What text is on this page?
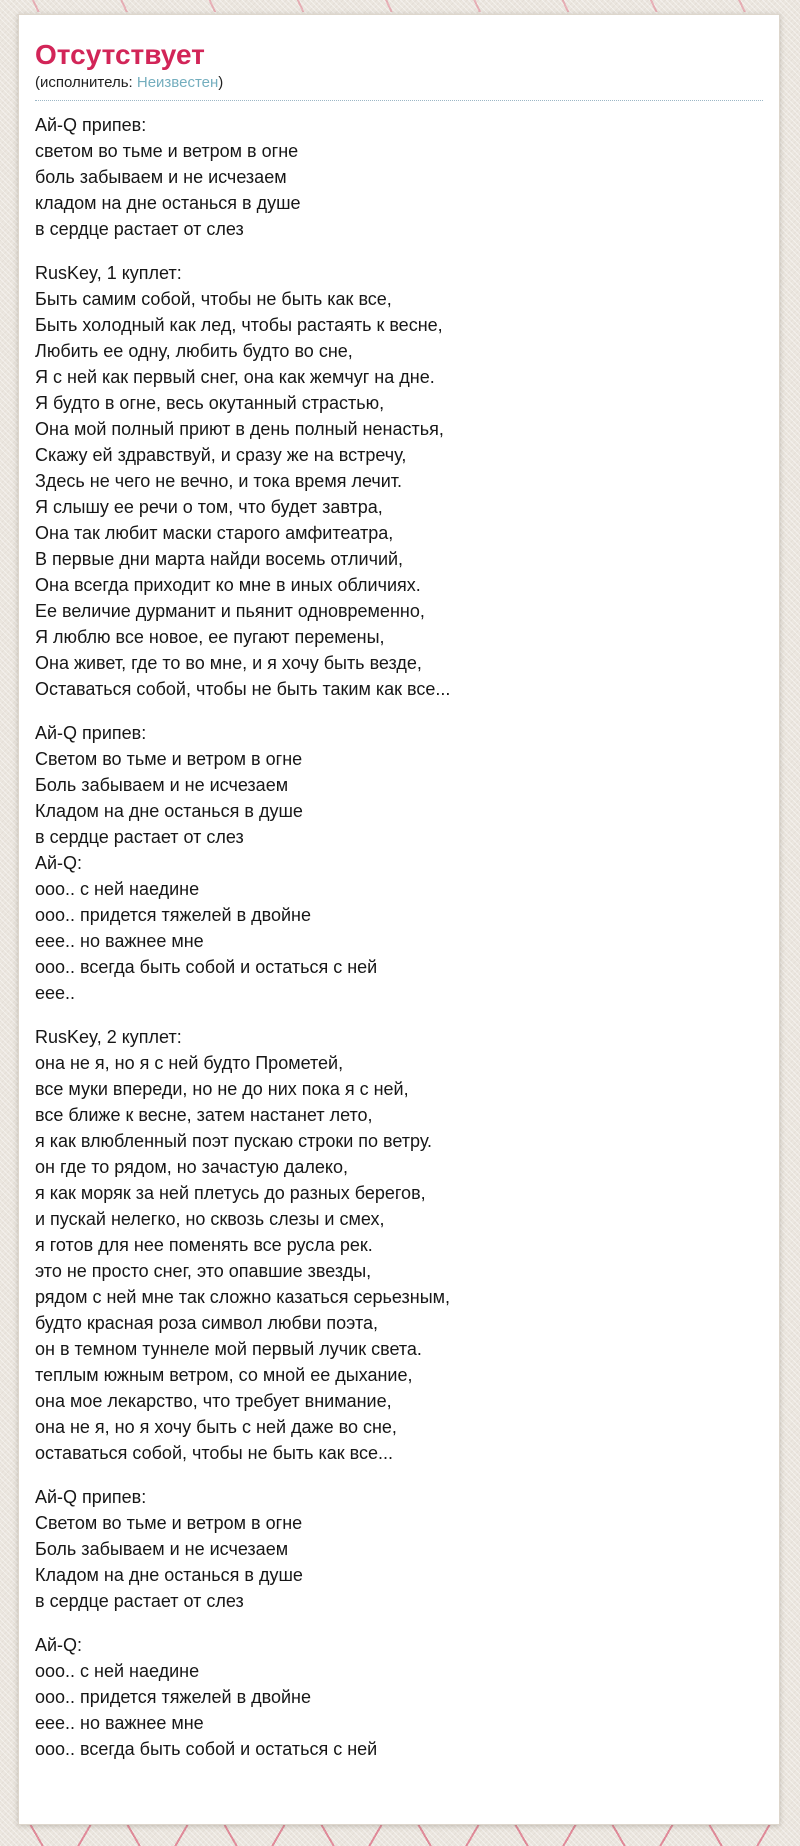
Отсутствует
(исполнитель: Неизвестен)

Ай-Q припев:
светом во тьме и ветром в огне
боль забываем и не исчезаем
кладом на дне останься в душе
в сердце растает от слез

RusKey, 1 куплет:
Быть самим собой, чтобы не быть как все,
Быть холодный как лед, чтобы растаять к весне,
Любить ее одну, любить будто во сне,
Я с ней как первый снег, она как жемчуг на дне.
Я будто в огне, весь окутанный страстью,
Она мой полный приют в день полный ненастья,
Скажу ей здравствуй, и сразу же на встречу,
Здесь не чего не вечно, и тока время лечит.
Я слышу ее речи о том, что будет завтра,
Она так любит маски старого амфитеатра,
В первые дни марта найди восемь отличий,
Она всегда приходит ко мне в иных обличиях.
Ее величие дурманит и пьянит одновременно,
Я люблю все новое, ее пугают перемены,
Она живет, где то во мне, и я хочу быть везде,
Оставаться собой, чтобы не быть таким как все...

Ай-Q припев:
Светом во тьме и ветром в огне
Боль забываем и не исчезаем
Кладом на дне останься в душе
в сердце растает от слез
Ай-Q:
ооо.. с ней наедине
ооо.. придется тяжелей в двойне
еее.. но важнее мне
ооо.. всегда быть собой и остаться с ней
еее..

RusKey, 2 куплет:
она не я, но я с ней будто Прометей,
все муки впереди, но не до них пока я с ней,
все ближе к весне, затем настанет лето,
я как влюбленный поэт пускаю строки по ветру.
он где то рядом, но зачастую далеко,
я как моряк за ней плетусь до разных берегов,
и пускай нелегко, но сквозь слезы и смех,
я готов для нее поменять все русла рек.
это не просто снег, это опавшие звезды,
рядом с ней мне так сложно казаться серьезным,
будто красная роза символ любви поэта,
он в темном туннеле мой первый лучик света.
теплым южным ветром, со мной ее дыхание,
она мое лекарство, что требует внимание,
она не я, но я хочу быть с ней даже во сне,
оставаться собой, чтобы не быть как все...

Ай-Q припев:
Светом во тьме и ветром в огне
Боль забываем и не исчезаем
Кладом на дне останься в душе
в сердце растает от слез

Ай-Q:
ооо.. с ней наедине
ооо.. придется тяжелей в двойне
еее.. но важнее мне
ооо.. всегда быть собой и остаться с ней
